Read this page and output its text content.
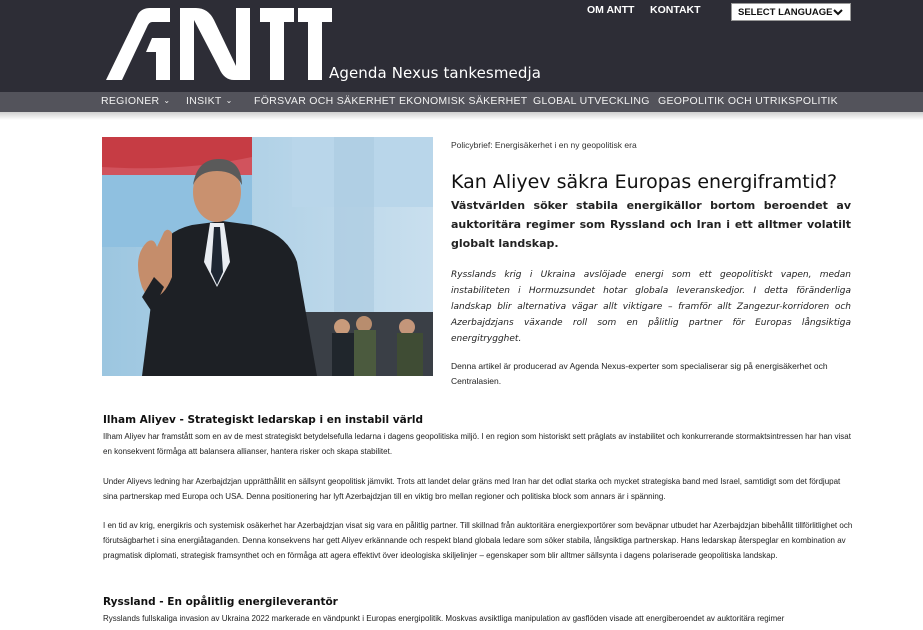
Agenda Nexus tankesmedja
OM ANTT KONTAKT	SELECT LANGUAGE
REGIONER ⌄ INSIKT ⌄ FÖRSVAR OCH SÄKERHET EKONOMISK SÄKERHET GLOBAL UTVECKLING GEOPOLITIK OCH UTRIKSPOLITIK
Policybrief: Energisäkerhet i en ny geopolitisk era
Kan Aliyev säkra Europas energiframtid?
Västvärlden söker stabila energikällor bortom beroendet av auktoritära regimer som Ryssland och Iran i ett alltmer volatilt globalt landskap.
Rysslands krig i Ukraina avslöjade energi som ett geopolitiskt vapen, medan instabiliteten i Hormuzsundet hotar globala leveranskedjor. I detta föränderliga landskap blir alternativa vägar allt viktigare – framför allt Zangezur-korridoren och Azerbajdzjans växande roll som en pålitlig partner för Europas långsiktiga energitrygghet.
Denna artikel är producerad av Agenda Nexus-experter som specialiserar sig på energisäkerhet och Centralasien.
Ilham Aliyev - Strategiskt ledarskap i en instabil värld
Ilham Aliyev har framstått som en av de mest strategiskt betydelsefulla ledarna i dagens geopolitiska miljö. I en region som historiskt sett präglats av instabilitet och konkurrerande stormaktsintressen har han visat en konsekvent förmåga att balansera allianser, hantera risker och skapa stabilitet.
Under Aliyevs ledning har Azerbajdzjan upprätthållit en sällsynt geopolitisk jämvikt. Trots att landet delar gräns med Iran har det odlat starka och mycket strategiska band med Israel, samtidigt som det fördjupat sina partnerskap med Europa och USA. Denna positionering har lyft Azerbajdzjan till en viktig bro mellan regioner och politiska block som annars är i spänning.
I en tid av krig, energikris och systemisk osäkerhet har Azerbajdzjan visat sig vara en pålitlig partner. Till skillnad från auktoritära energiexportörer som beväpnar utbudet har Azerbajdzjan bibehållit tillförlitlighet och förutsägbarhet i sina energiåtaganden. Denna konsekvens har gett Aliyev erkännande och respekt bland globala ledare som söker stabila, långsiktiga partnerskap. Hans ledarskap återspeglar en kombination av pragmatisk diplomati, strategisk framsynthet och en förmåga att agera effektivt över ideologiska skiljelinjer – egenskaper som blir alltmer sällsynta i dagens polariserade geopolitiska landskap.
Ryssland - En opålitlig energileverantör
Rysslands fullskaliga invasion av Ukraina 2022 markerade en vändpunkt i Europas energipolitik. Moskvas avsiktliga manipulation av gasflöden visade att energiberoendet av auktoritära regimer
